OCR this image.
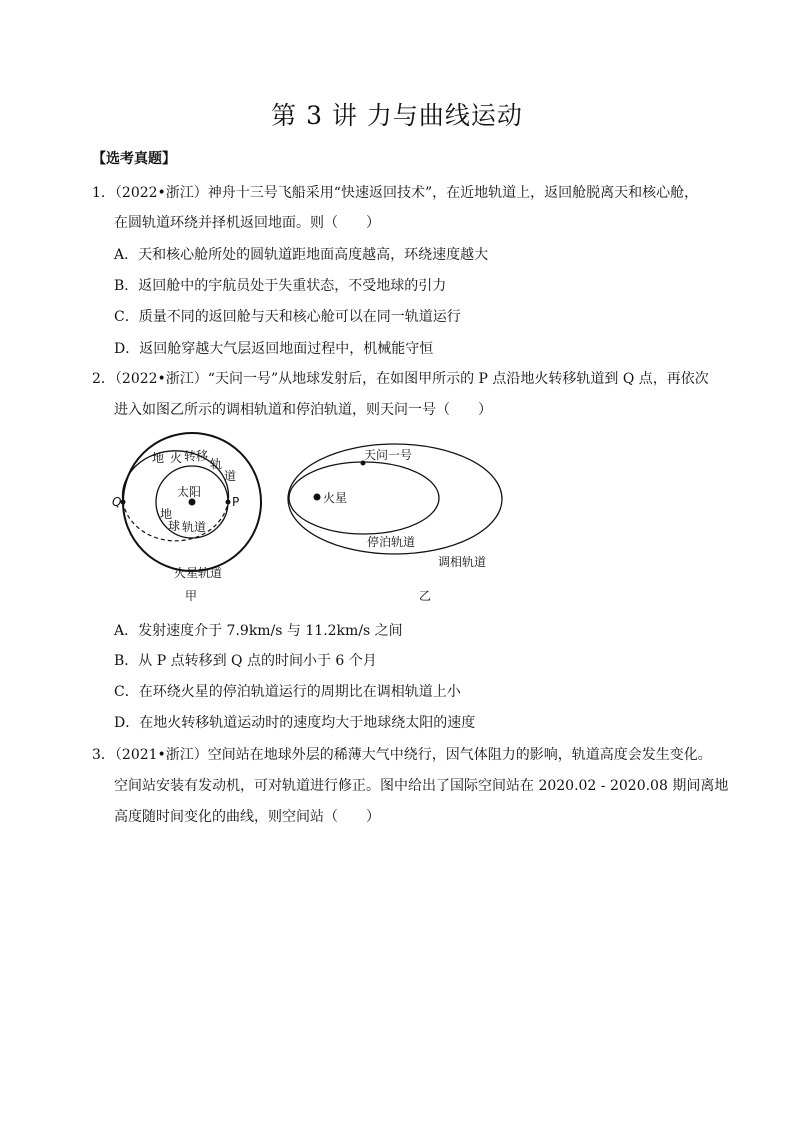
第 3 讲 力与曲线运动
【选考真题】
1．（2022•浙江）神舟十三号飞船采用“快速返回技术”，在近地轨道上，返回舱脱离天和核心舱，
在圆轨道环绕并择机返回地面。则（　　）
A．天和核心舱所处的圆轨道距地面高度越高，环绕速度越大
B．返回舱中的宇航员处于失重状态，不受地球的引力
C．质量不同的返回舱与天和核心舱可以在同一轨道运行
D．返回舱穿越大气层返回地面过程中，机械能守恒
2．（2022•浙江）“天问一号”从地球发射后，在如图甲所示的 P 点沿地火转移轨道到 Q 点，再依次
进入如图乙所示的调相轨道和停泊轨道，则天问一号（　　）
地 火 转移
轨
道
太阳
P
Q
地
球 轨道
火星轨道
甲
天问一号
火星
停泊轨道
调相轨道
乙
A．发射速度介于 7.9km/s 与 11.2km/s 之间
B．从 P 点转移到 Q 点的时间小于 6 个月
C．在环绕火星的停泊轨道运行的周期比在调相轨道上小
D．在地火转移轨道运动时的速度均大于地球绕太阳的速度
3．（2021•浙江）空间站在地球外层的稀薄大气中绕行，因气体阻力的影响，轨道高度会发生变化。
空间站安装有发动机，可对轨道进行修正。图中给出了国际空间站在 2020.02 - 2020.08 期间离地
高度随时间变化的曲线，则空间站（　　）
